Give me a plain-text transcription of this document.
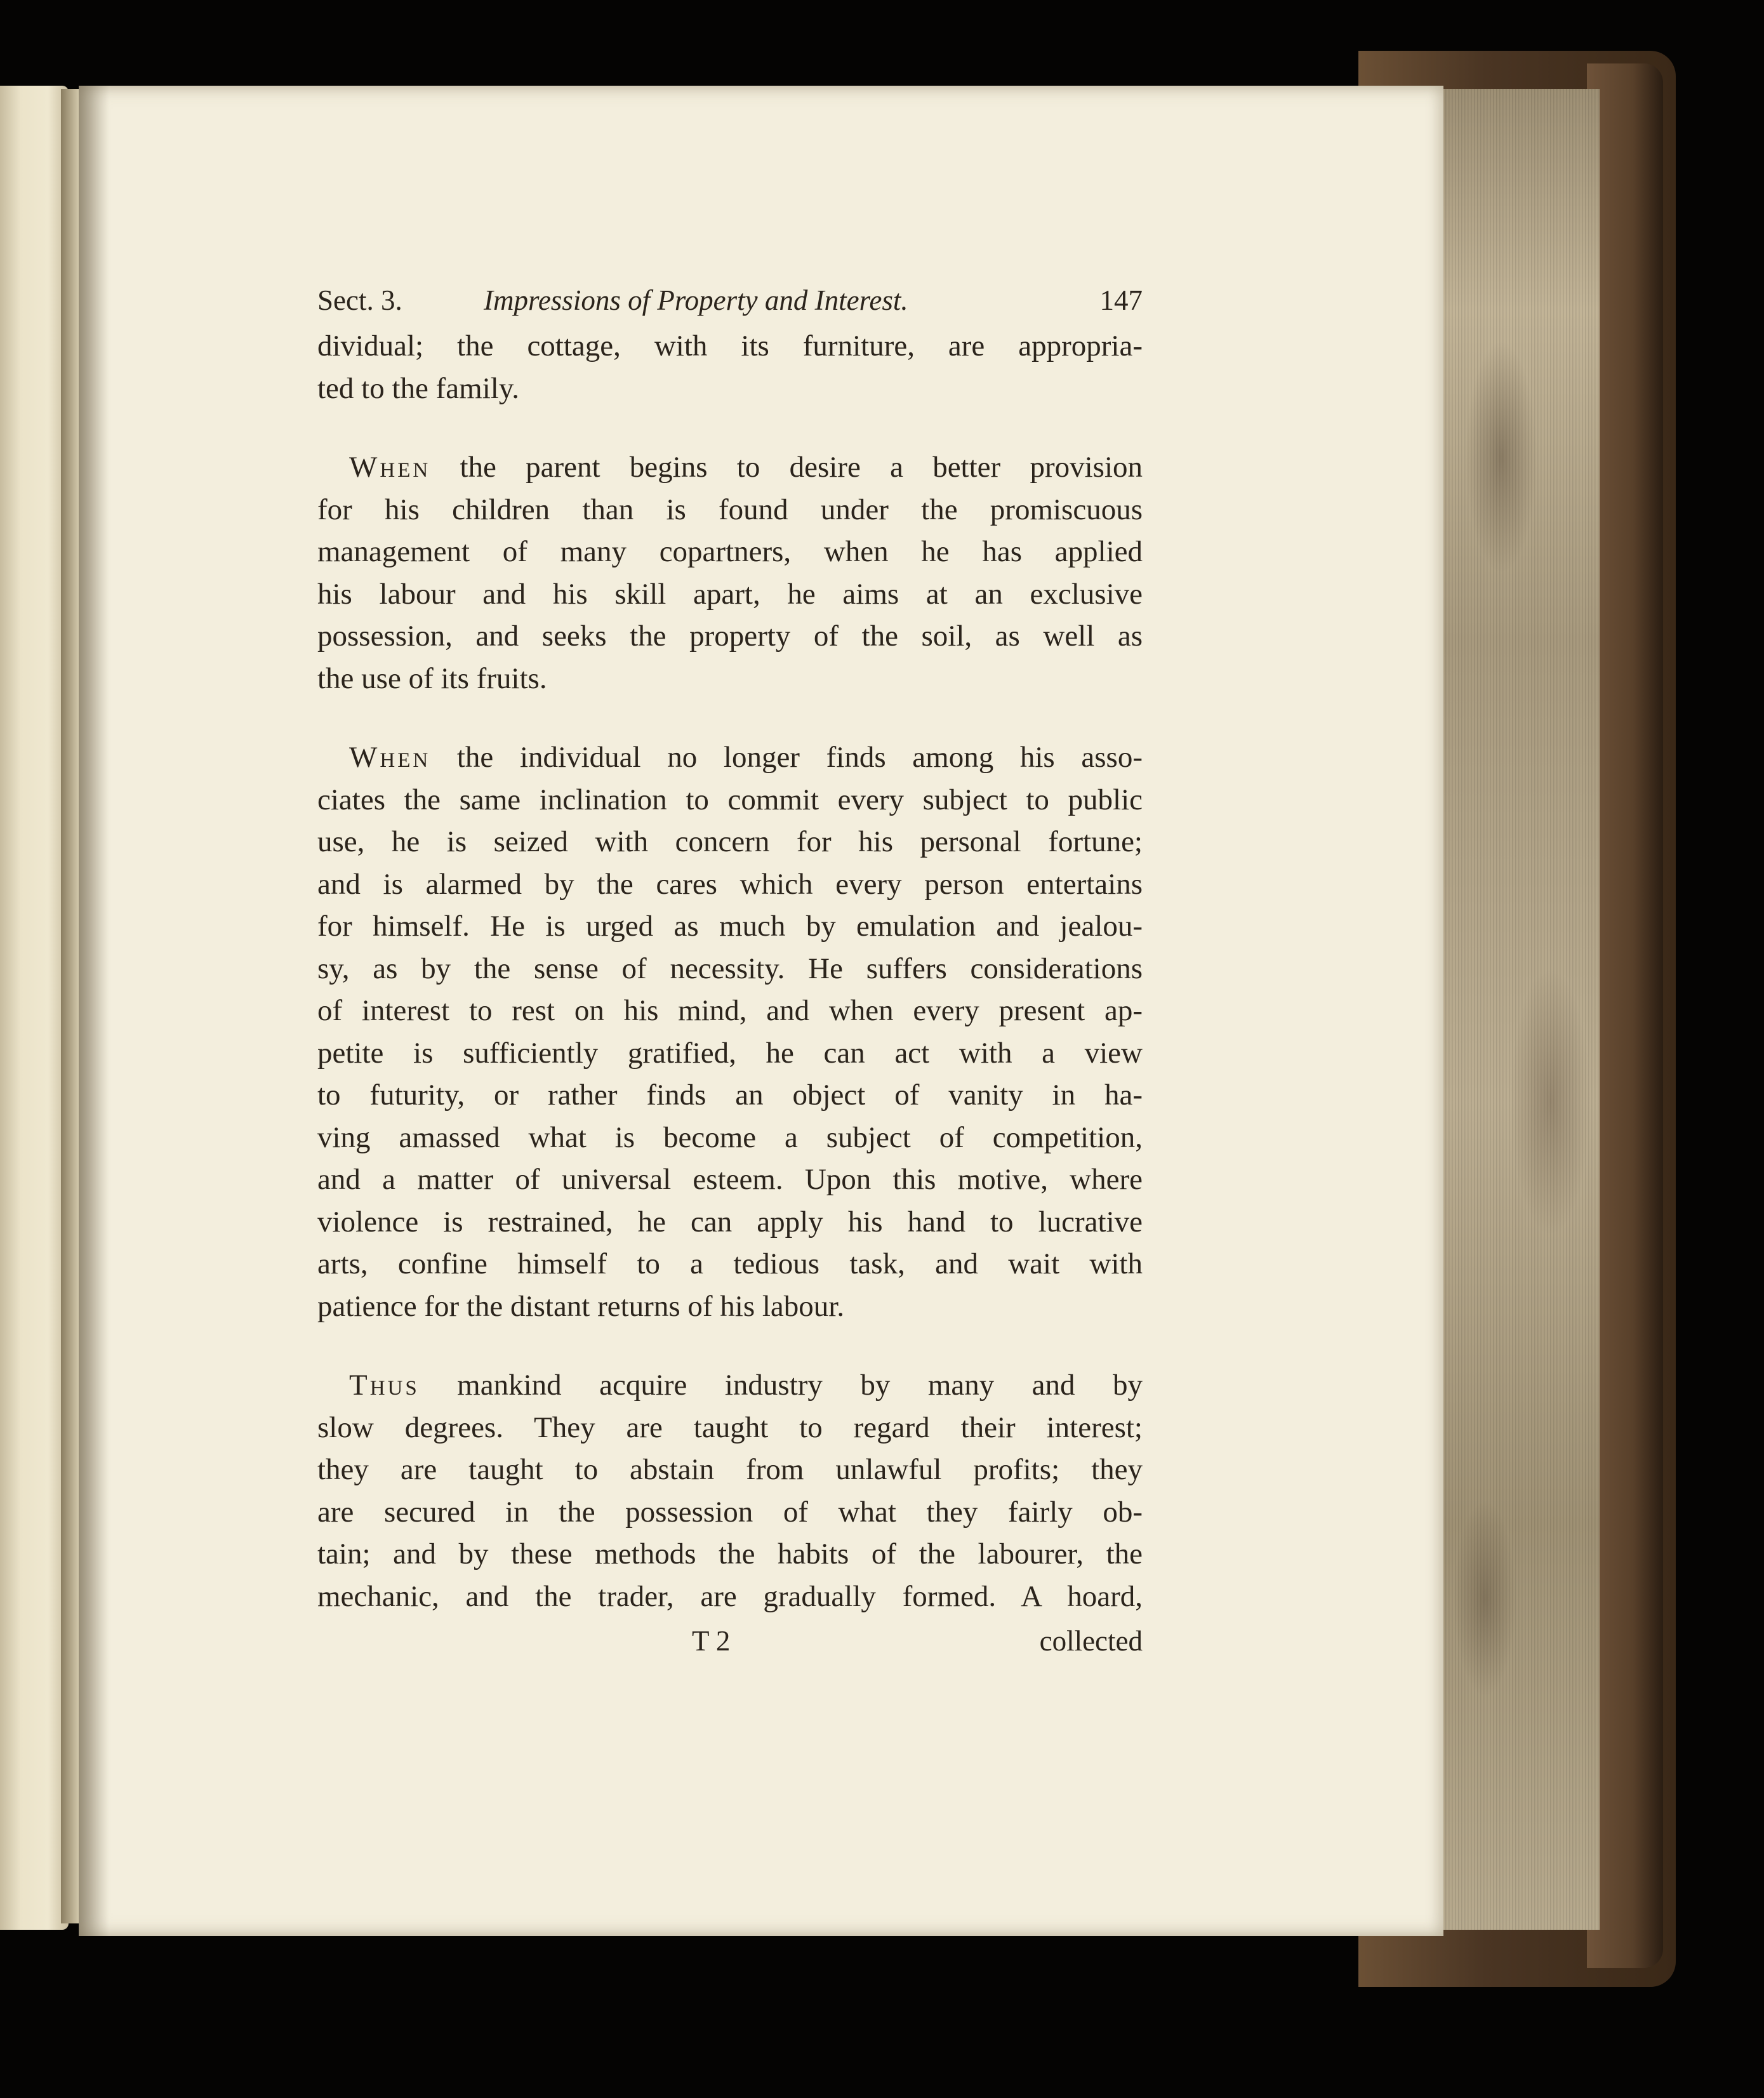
Sect. 3.	Impressions of Property and Interest.	147
dividual; the cottage, with its furniture, are appropria-
ted to the family.
When the parent begins to desire a better provision
for his children than is found under the promiscuous
management of many copartners, when he has applied
his labour and his skill apart, he aims at an exclusive
possession, and seeks the property of the soil, as well as
the use of its fruits.
When the individual no longer finds among his asso-
ciates the same inclination to commit every subject to public
use, he is seized with concern for his personal fortune;
and is alarmed by the cares which every person entertains
for himself. He is urged as much by emulation and jealou-
sy, as by the sense of necessity. He suffers considerations
of interest to rest on his mind, and when every present ap-
petite is sufficiently gratified, he can act with a view
to futurity, or rather finds an object of vanity in ha-
ving amassed what is become a subject of competition,
and a matter of universal esteem. Upon this motive, where
violence is restrained, he can apply his hand to lucrative
arts, confine himself to a tedious task, and wait with
patience for the distant returns of his labour.
Thus mankind acquire industry by many and by
slow degrees. They are taught to regard their interest;
they are taught to abstain from unlawful profits; they
are secured in the possession of what they fairly ob-
tain; and by these methods the habits of the labourer, the
mechanic, and the trader, are gradually formed. A hoard,
T 2	collected
